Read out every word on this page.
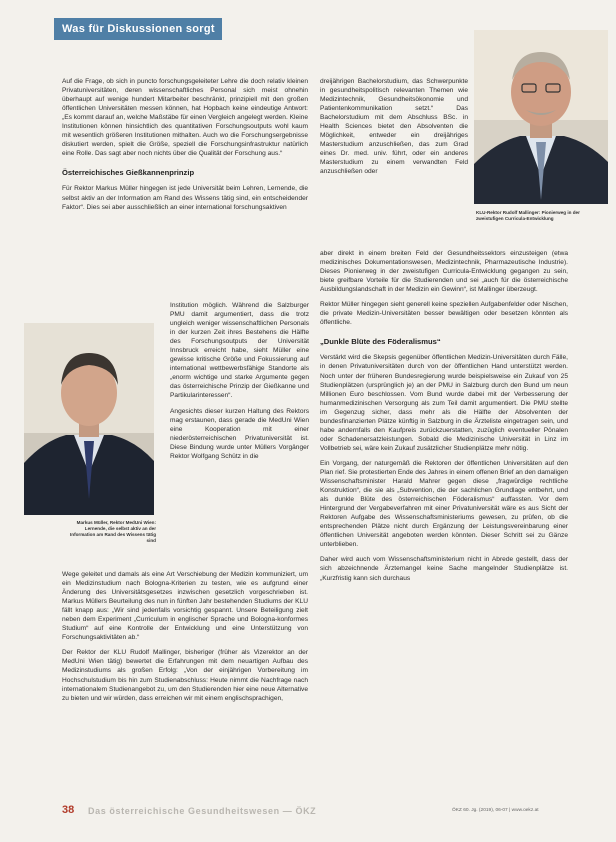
Was für Diskussionen sorgt

Auf die Frage, ob sich in puncto forschungsgeleiteter Lehre die doch relativ kleinen Privatuniversitäten, deren wissenschaftliches Personal sich meist ohnehin überhaupt auf wenige hundert Mitarbeiter beschränkt, prinzipiell mit den großen öffentlichen Universitäten messen können, hat Hopbach keine eindeutige Antwort: „Es kommt darauf an, welche Maßstäbe für einen Vergleich angelegt werden. Kleine Institutionen können hinsichtlich des quantitativen Forschungsoutputs wohl kaum mit wesentlich größeren Institutionen mithalten. Auch wo die Forschungsergebnisse diskutiert werden, spielt die Größe, speziell die Forschungsinfrastruktur natürlich eine Rolle. Das sagt aber noch nichts über die Qualität der Forschung aus.“

Österreichisches Gießkannenprinzip

Für Rektor Markus Müller hingegen ist jede Universität beim Lehren, Lernende, die selbst aktiv an der Information am Rand des Wissens tätig sind, ein entscheidender Faktor“. Dies sei aber ausschließlich an einer international forschungsaktiven

Institution möglich. Während die Salzburger PMU damit argumentiert, dass die trotz ungleich weniger wissenschaftlichen Personals in der kurzen Zeit ihres Bestehens die Hälfte des Forschungsoutputs der Universität Innsbruck erreicht habe, sieht Müller eine gewisse kritische Größe und Fokussierung auf international wettbewerbsfähige Standorte als „enorm wichtige und starke Argumente gegen das österreichische Prinzip der Gießkanne und Partikularinteressen“.

Angesichts dieser kurzen Haltung des Rektors mag erstaunen, dass gerade die MedUni Wien eine Kooperation mit einer niederösterreichischen Privatuniversität ist. Diese Bindung wurde unter Müllers Vorgänger Rektor Wolfgang Schütz in die

Markus Müller, Rektor MedUni Wien: Lernende, die selbst aktiv an der Information am Rand des Wissens tätig sind

Wege geleitet und damals als eine Art Verschiebung der Medizin kommuniziert, um ein Medizinstudium nach Bologna-Kriterien zu testen, wie es aufgrund einer Änderung des Universitätsgesetzes inzwischen gesetzlich vorgeschrieben ist. Markus Müllers Beurteilung des nun in fünften Jahr bestehenden Studiums der KLU fällt knapp aus: „Wir sind jedenfalls vorsichtig gespannt. Unsere Beteiligung zielt neben dem Experiment „Curriculum in englischer Sprache und Bologna-konformes Studium“ auf eine Kontrolle der Entwicklung und eine Unterstützung von Forschungsaktivitäten ab.“

Der Rektor der KLU Rudolf Mallinger, bisheriger (früher als Vizerektor an der MedUni Wien tätig) bewertet die Erfahrungen mit dem neuartigen Aufbau des Medizinstudiums als großen Erfolg: „Von der einjährigen Vorbereitung im Hochschulstudium bis hin zum Studienabschluss: Heute nimmt die Nachfrage nach internationalem Studienangebot zu, um den Studierenden hier eine neue Alternative zu bieten und wir würden, dass erreichen wir mit einem englischsprachigen,

dreijährigen Bachelorstudium, das Schwerpunkte in gesundheitspolitisch relevanten Themen wie Medizintechnik, Gesundheitsökonomie und Patientenkommunikation setzt.“ Das Bachelorstudium mit dem Abschluss BSc. in Health Sciences bietet den Absolventen die Möglichkeit, entweder ein dreijähriges Masterstudium anzuschließen, das zum Grad eines Dr. med. univ. führt, oder ein anderes Masterstudium zu einem verwandten Feld anzuschließen oder

KLU-Rektor Rudolf Mallinger: Pionierweg in der zweistufigen Curricula-Entwicklung

aber direkt in einem breiten Feld der Gesundheitssektors einzusteigen (etwa medizinisches Dokumentationswesen, Medizintechnik, Pharmazeutische Industrie). Dieses Pionierweg in der zweistufigen Curricula-Entwicklung gegangen zu sein, biete greifbare Vorteile für die Studierenden und sei „auch für die österreichische Ausbildungslandschaft in der Medizin ein Gewinn“, ist Mallinger überzeugt.

Rektor Müller hingegen sieht generell keine speziellen Aufgabenfelder oder Nischen, die private Medizin-Universitäten besser bewältigen oder besetzen könnten als öffentliche.

„Dunkle Blüte des Föderalismus“

Verstärkt wird die Skepsis gegenüber öffentlichen Medizin-Universitäten durch Fälle, in denen Privatuniversitäten durch von der öffentlichen Hand unterstützt werden. Noch unter der früheren Bundesregierung wurde beispielsweise ein Zukauf von 25 Studienplätzen (ursprünglich je) an der PMU in Salzburg durch den Bund um neun Millionen Euro beschlossen. Vom Bund wurde dabei mit der Verbesserung der humanmedizinischen Versorgung als zum Teil damit argumentiert. Die PMU stellte im Gegenzug sicher, dass mehr als die Hälfte der Absolventen der bundesfinanzierten Plätze künftig in Salzburg in die Ärzteliste eingetragen sein, und habe andernfalls den Kaufpreis zurückzuerstatten, zuzüglich eventueller Pönalen oder Schadenersatzleistungen. Sobald die Medizinische Universität in Linz im Vollbetrieb sei, wäre kein Zukauf zusätzlicher Studienplätze mehr nötig.

Ein Vorgang, der naturgemäß die Rektoren der öffentlichen Universitäten auf den Plan rief. Sie protestierten Ende des Jahres in einem offenen Brief an den damaligen Wissenschaftsminister Harald Mahrer gegen diese „fragwürdige rechtliche Konstruktion“, die sie als „Subvention, die der sachlichen Grundlage entbehrt, und als dunkle Blüte des österreichischen Föderalismus“ auffassten. Vor dem Hintergrund der Vergabeverfahren mit einer Privatuniversität wäre es aus Sicht der Rektoren Aufgabe des Wissenschaftsministeriums gewesen, zu prüfen, ob die entsprechenden Plätze nicht durch Ergänzung der Leistungsvereinbarung einer öffentlichen Universität angeboten werden könnten. Dieser Schritt sei zu Gänze unterblieben.

Daher wird auch vom Wissenschaftsministerium nicht in Abrede gestellt, dass der sich abzeichnende Ärztemangel keine Sache mangelnder Studienplätze ist. „Kurzfristig kann sich durchaus

38 Das österreichische Gesundheitswesen — ÖKZ	ÖKZ 60. Jg. (2019), 06-07 | www.oekz.at
